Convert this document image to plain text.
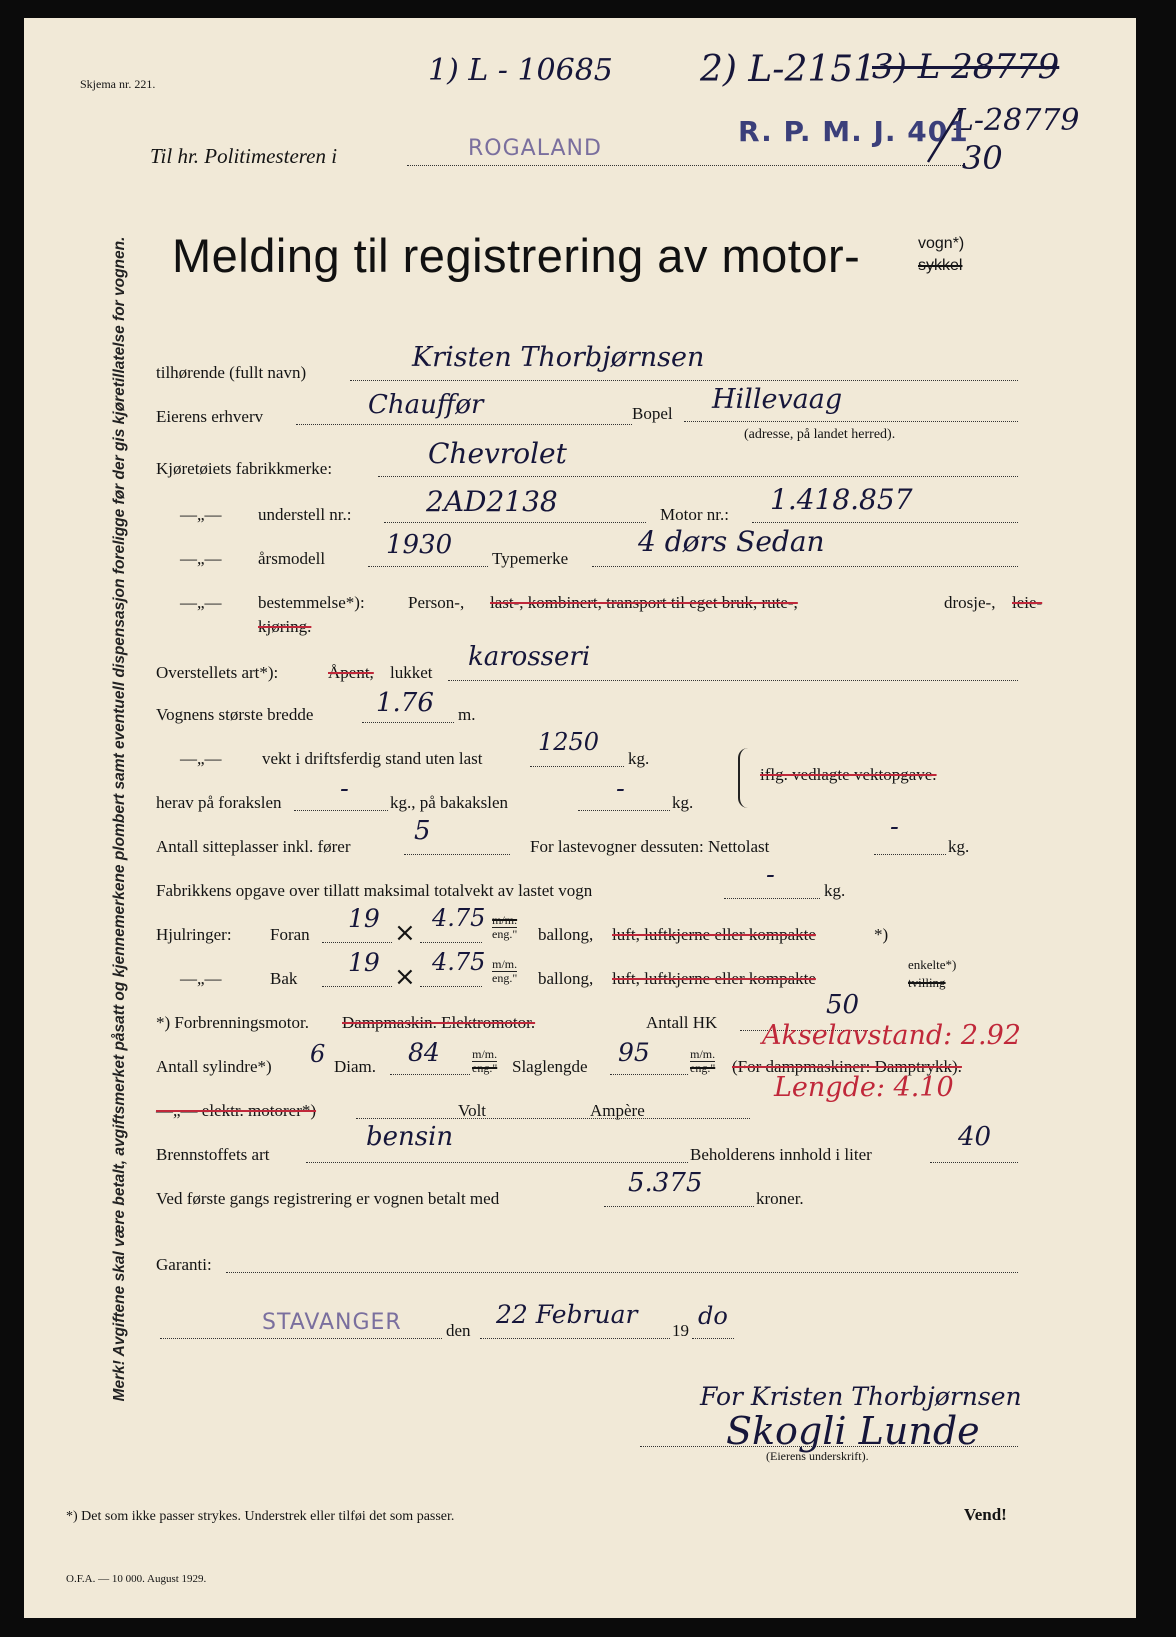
Skjema nr. 221.	1) L - 10685 2) L-2151
3) L 28779
L-28779
R. P. M. J. 401
30
Til hr. Politimesteren i	ROGALAND
Melding til registrering av motor-	vogn*)
sykkel
Merk! Avgiftene skal være betalt, avgiftsmerket påsatt og kjennemerkene plombert samt eventuell dispensasjon foreligge før der gis kjøretillatelse for vognen. tilhørende (fullt navn)	Kristen Thorbjørnsen
Eierens erhverv	Chauffør	Bopel Hillevaag
(adresse, på landet herred).
Kjøretøiets fabrikkmerke:	Chevrolet
—„— understell nr.:	2AD2138	Motor nr.: 1.418.857
—„— årsmodell 1930 Typemerke
4 dørs Sedan
—„— bestemmelse*):	Person-, last-, kombinert, transport til eget bruk, rute-,	drosje-, leie-
kjøring.
Overstellets art*):	Åpent, lukket
karosseri
Vognens største bredde 1.76 m.
—„— vekt i driftsferdig stand uten last
1250
kg.
iflg. vedlagte vektopgave.
herav på forakslen - kg., på bakakslen	-	kg.
Antall sitteplasser inkl. fører
5
For lastevogner dessuten: Nettolast
-
kg.
Fabrikkens opgave over tillatt maksimal totalvekt av lastet vogn
-
kg.
Hjulringer: Foran
19 × 4.75 m/m.
eng." ballong, luft, luftkjerne eller kompakte	*)
—„—	Bak
19 × 4.75 m/m.
eng." ballong, luft, luftkjerne eller kompakte
enkelte*)
tvilling
*) Forbrenningsmotor. Dampmaskin. Elektromotor.	Antall HK
50
Antall sylindre*) 6 Diam. 84	m/m.
eng." Slaglengde 95	m/m.
eng." (For dampmaskiner: Damptrykk).
Akselavstand: 2.92
Lengde: 4.10
—„— elektr. motorer*)	Volt	Ampère
Brennstoffets art
bensin
Beholderens innhold i liter
40
Ved første gangs registrering er vognen betalt med
5.375
kroner.
Garanti:
STAVANGER	den
22 Februar
19
do
For Kristen Thorbjørnsen
Skogli Lunde
(Eierens underskrift).
*) Det som ikke passer strykes. Understrek eller tilføi det som passer.	Vend!
O.F.A. — 10 000. August 1929.
